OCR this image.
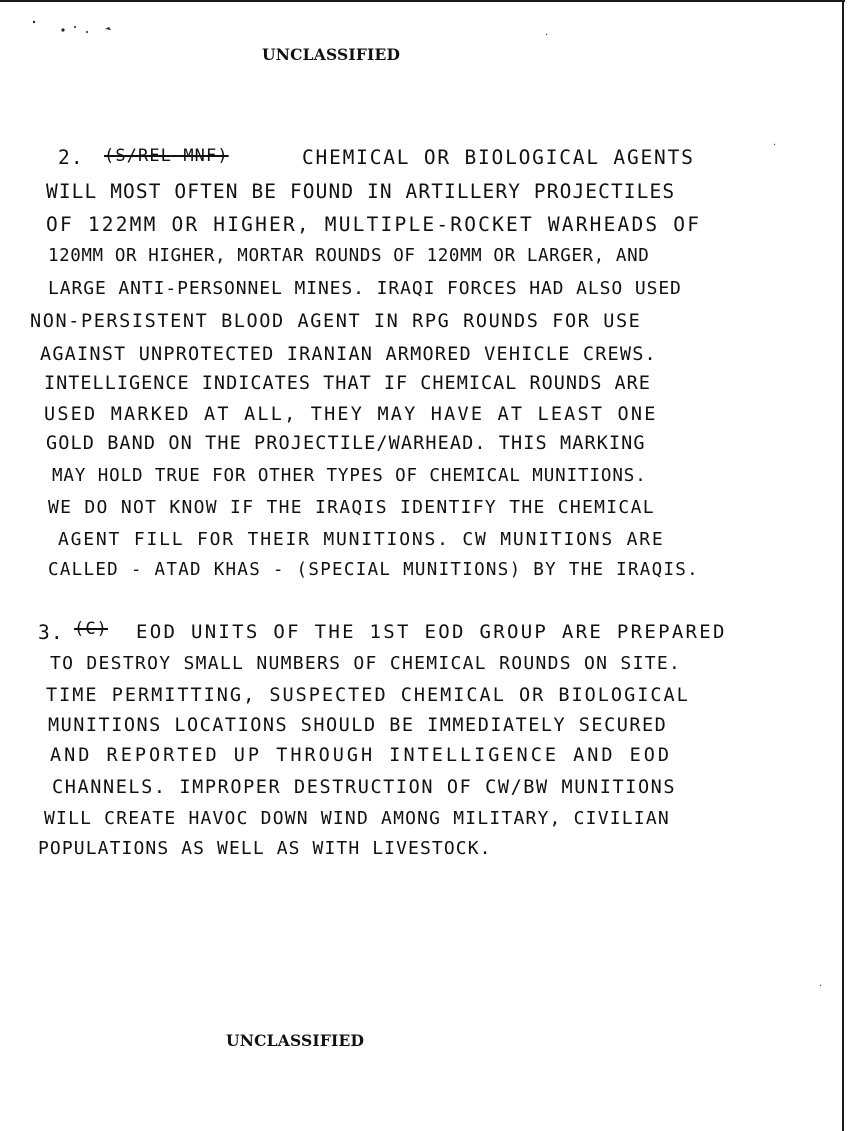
UNCLASSIFIED
2. (S/REL MNF)	CHEMICAL OR BIOLOGICAL AGENTS
WILL MOST OFTEN BE FOUND IN ARTILLERY PROJECTILES
OF 122MM OR HIGHER, MULTIPLE-ROCKET WARHEADS OF
120MM OR HIGHER, MORTAR ROUNDS OF 120MM OR LARGER, AND
LARGE ANTI-PERSONNEL MINES. IRAQI FORCES HAD ALSO USED
NON-PERSISTENT BLOOD AGENT IN RPG ROUNDS FOR USE
AGAINST UNPROTECTED IRANIAN ARMORED VEHICLE CREWS.
INTELLIGENCE INDICATES THAT IF CHEMICAL ROUNDS ARE
USED MARKED AT ALL, THEY MAY HAVE AT LEAST ONE
GOLD BAND ON THE PROJECTILE/WARHEAD. THIS MARKING
MAY HOLD TRUE FOR OTHER TYPES OF CHEMICAL MUNITIONS.
WE DO NOT KNOW IF THE IRAQIS IDENTIFY THE CHEMICAL
AGENT FILL FOR THEIR MUNITIONS. CW MUNITIONS ARE
CALLED - ATAD KHAS - (SPECIAL MUNITIONS) BY THE IRAQIS.
3. (C) EOD UNITS OF THE 1ST EOD GROUP ARE PREPARED
TO DESTROY SMALL NUMBERS OF CHEMICAL ROUNDS ON SITE.
TIME PERMITTING, SUSPECTED CHEMICAL OR BIOLOGICAL
MUNITIONS LOCATIONS SHOULD BE IMMEDIATELY SECURED
AND REPORTED UP THROUGH INTELLIGENCE AND EOD
CHANNELS. IMPROPER DESTRUCTION OF CW/BW MUNITIONS
WILL CREATE HAVOC DOWN WIND AMONG MILITARY, CIVILIAN
POPULATIONS AS WELL AS WITH LIVESTOCK.
·
·
·
UNCLASSIFIED
